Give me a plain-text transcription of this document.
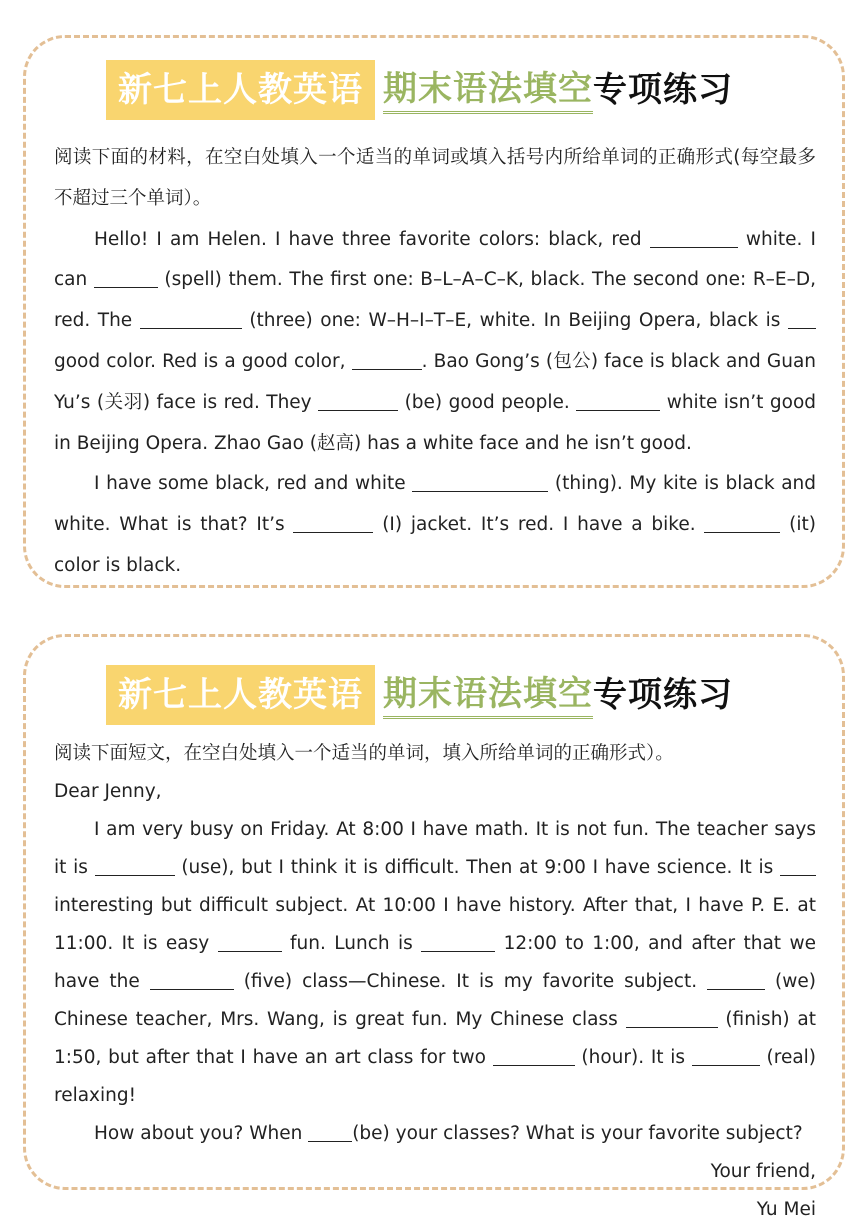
新七上人教英语 期末语法填空 专项练习

阅读下面的材料，在空白处填入一个适当的单词或填入括号内所给单词的正确形式(每空最多不超过三个单词）。

Hello! I am Helen. I have three favorite colors: black, red	white. I can	(spell) them. The first one: B–L–A–C–K, black. The second one: R–E–D, red. The	(three) one: W–H–I–T–E, white. In Beijing Opera, black is  good color. Red is a good color,	. Bao Gong’s (包公) face is black and Guan Yu’s (关羽) face is red. They	(be) good people.	white isn’t good in Beijing Opera. Zhao Gao (赵高) has a white face and he isn’t good.

I have some black, red and white	(thing). My kite is black and white. What is that? It’s	(I) jacket. It’s red. I have a bike.	(it) color is black.

新七上人教英语 期末语法填空 专项练习

阅读下面短文，在空白处填入一个适当的单词，填入所给单词的正确形式）。

Dear Jenny,

I am very busy on Friday. At 8:00 I have math. It is not fun. The teacher says it is	(use), but I think it is difficult. Then at 9:00 I have science. It is  interesting but difficult subject. At 10:00 I have history. After that, I have P. E. at 11:00. It is easy	fun. Lunch is	12:00 to 1:00, and after that we have the	(five) class—Chinese. It is my favorite subject.	(we) Chinese teacher, Mrs. Wang, is great fun. My Chinese class	(finish) at 1:50, but after that I have an art class for two	(hour). It is	(real) relaxing!

How about you? When (be) your classes? What is your favorite subject?

Your friend,

Yu Mei
